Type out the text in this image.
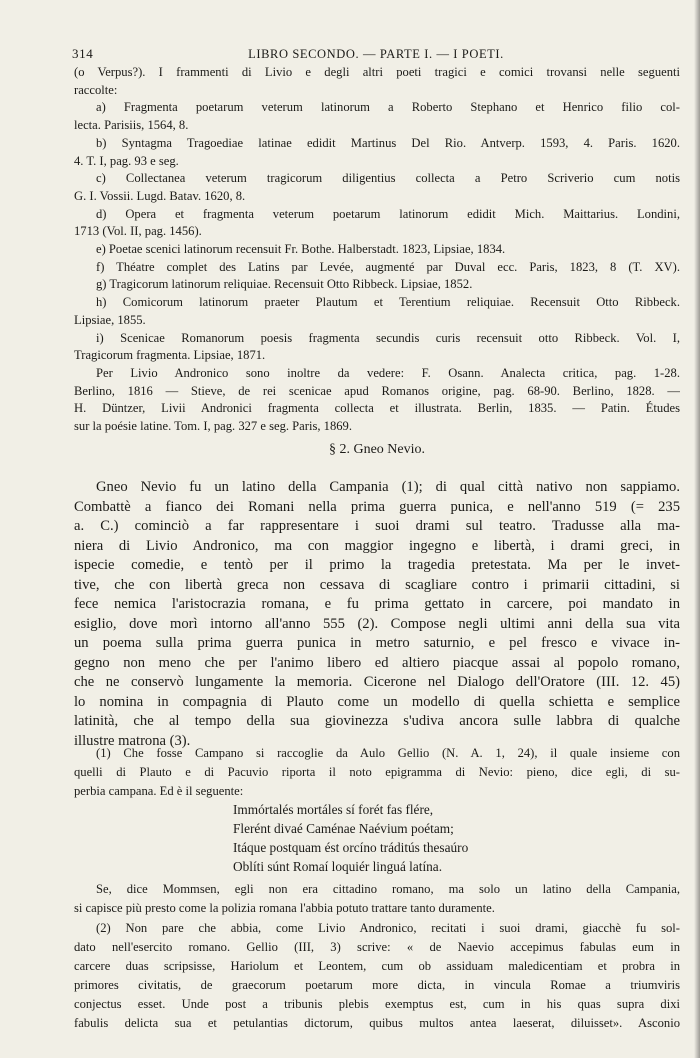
314	LIBRO SECONDO. — PARTE I. — I POETI.
(o Verpus?). I frammenti di Livio e degli altri poeti tragici e comici trovansi nelle seguenti
raccolte:
a) Fragmenta poetarum veterum latinorum a Roberto Stephano et Henrico filio col-
lecta. Parisiis, 1564, 8.
b) Syntagma Tragoediae latinae edidit Martinus Del Rio. Antverp. 1593, 4. Paris. 1620.
4. T. I, pag. 93 e seg.
c) Collectanea veterum tragicorum diligentius collecta a Petro Scriverio cum notis
G. I. Vossii. Lugd. Batav. 1620, 8.
d) Opera et fragmenta veterum poetarum latinorum edidit Mich. Maittarius. Londini,
1713 (Vol. II, pag. 1456).
e) Poetae scenici latinorum recensuit Fr. Bothe. Halberstadt. 1823, Lipsiae, 1834.
f) Théatre complet des Latins par Levée, augmenté par Duval ecc. Paris, 1823, 8 (T. XV).
g) Tragicorum latinorum reliquiae. Recensuit Otto Ribbeck. Lipsiae, 1852.
h) Comicorum latinorum praeter Plautum et Terentium reliquiae. Recensuit Otto Ribbeck.
Lipsiae, 1855.
i) Scenicae Romanorum poesis fragmenta secundis curis recensuit otto Ribbeck. Vol. I,
Tragicorum fragmenta. Lipsiae, 1871.
Per Livio Andronico sono inoltre da vedere: F. Osann. Analecta critica, pag. 1-28.
Berlino, 1816 — Stieve, de rei scenicae apud Romanos origine, pag. 68-90. Berlino, 1828. —
H. Düntzer, Livii Andronici fragmenta collecta et illustrata. Berlin, 1835. — Patin. Études
sur la poésie latine. Tom. I, pag. 327 e seg. Paris, 1869.
§ 2. Gneo Nevio.
Gneo Nevio fu un latino della Campania (1); di qual città nativo non sappiamo.
Combattè a fianco dei Romani nella prima guerra punica, e nell'anno 519 (= 235
a. C.) cominciò a far rappresentare i suoi drami sul teatro. Tradusse alla ma-
niera di Livio Andronico, ma con maggior ingegno e libertà, i drami greci, in
ispecie comedie, e tentò per il primo la tragedia pretestata. Ma per le invet-
tive, che con libertà greca non cessava di scagliare contro i primarii cittadini, si
fece nemica l'aristocrazia romana, e fu prima gettato in carcere, poi mandato in
esiglio, dove morì intorno all'anno 555 (2). Compose negli ultimi anni della sua vita
un poema sulla prima guerra punica in metro saturnio, e pel fresco e vivace in-
gegno non meno che per l'animo libero ed altiero piacque assai al popolo romano,
che ne conservò lungamente la memoria. Cicerone nel Dialogo dell'Oratore (III. 12. 45)
lo nomina in compagnia di Plauto come un modello di quella schietta e semplice
latinità, che al tempo della sua giovinezza s'udiva ancora sulle labbra di qualche
illustre matrona (3).
(1) Che fosse Campano si raccoglie da Aulo Gellio (N. A. 1, 24), il quale insieme con
quelli di Plauto e di Pacuvio riporta il noto epigramma di Nevio: pieno, dice egli, di su-
perbia campana. Ed è il seguente:
Immórtalés mortáles sí forét fas flére,
Flerént divaé Caménae Naévium poétam;
Itáque postquam ést orcíno tráditús thesaúro
Oblíti súnt Romaí loquiér linguá latína.
Se, dice Mommsen, egli non era cittadino romano, ma solo un latino della Campania,
si capisce più presto come la polizia romana l'abbia potuto trattare tanto duramente.
(2) Non pare che abbia, come Livio Andronico, recitati i suoi drami, giacchè fu sol-
dato nell'esercito romano. Gellio (III, 3) scrive: « de Naevio accepimus fabulas eum in
carcere duas scripsisse, Hariolum et Leontem, cum ob assiduam maledicentiam et probra in
primores civitatis, de graecorum poetarum more dicta, in vincula Romae a triumviris
conjectus esset. Unde post a tribunis plebis exemptus est, cum in his quas supra dixi
fabulis delicta sua et petulantias dictorum, quibus multos antea laeserat, diluisset». Asconio
